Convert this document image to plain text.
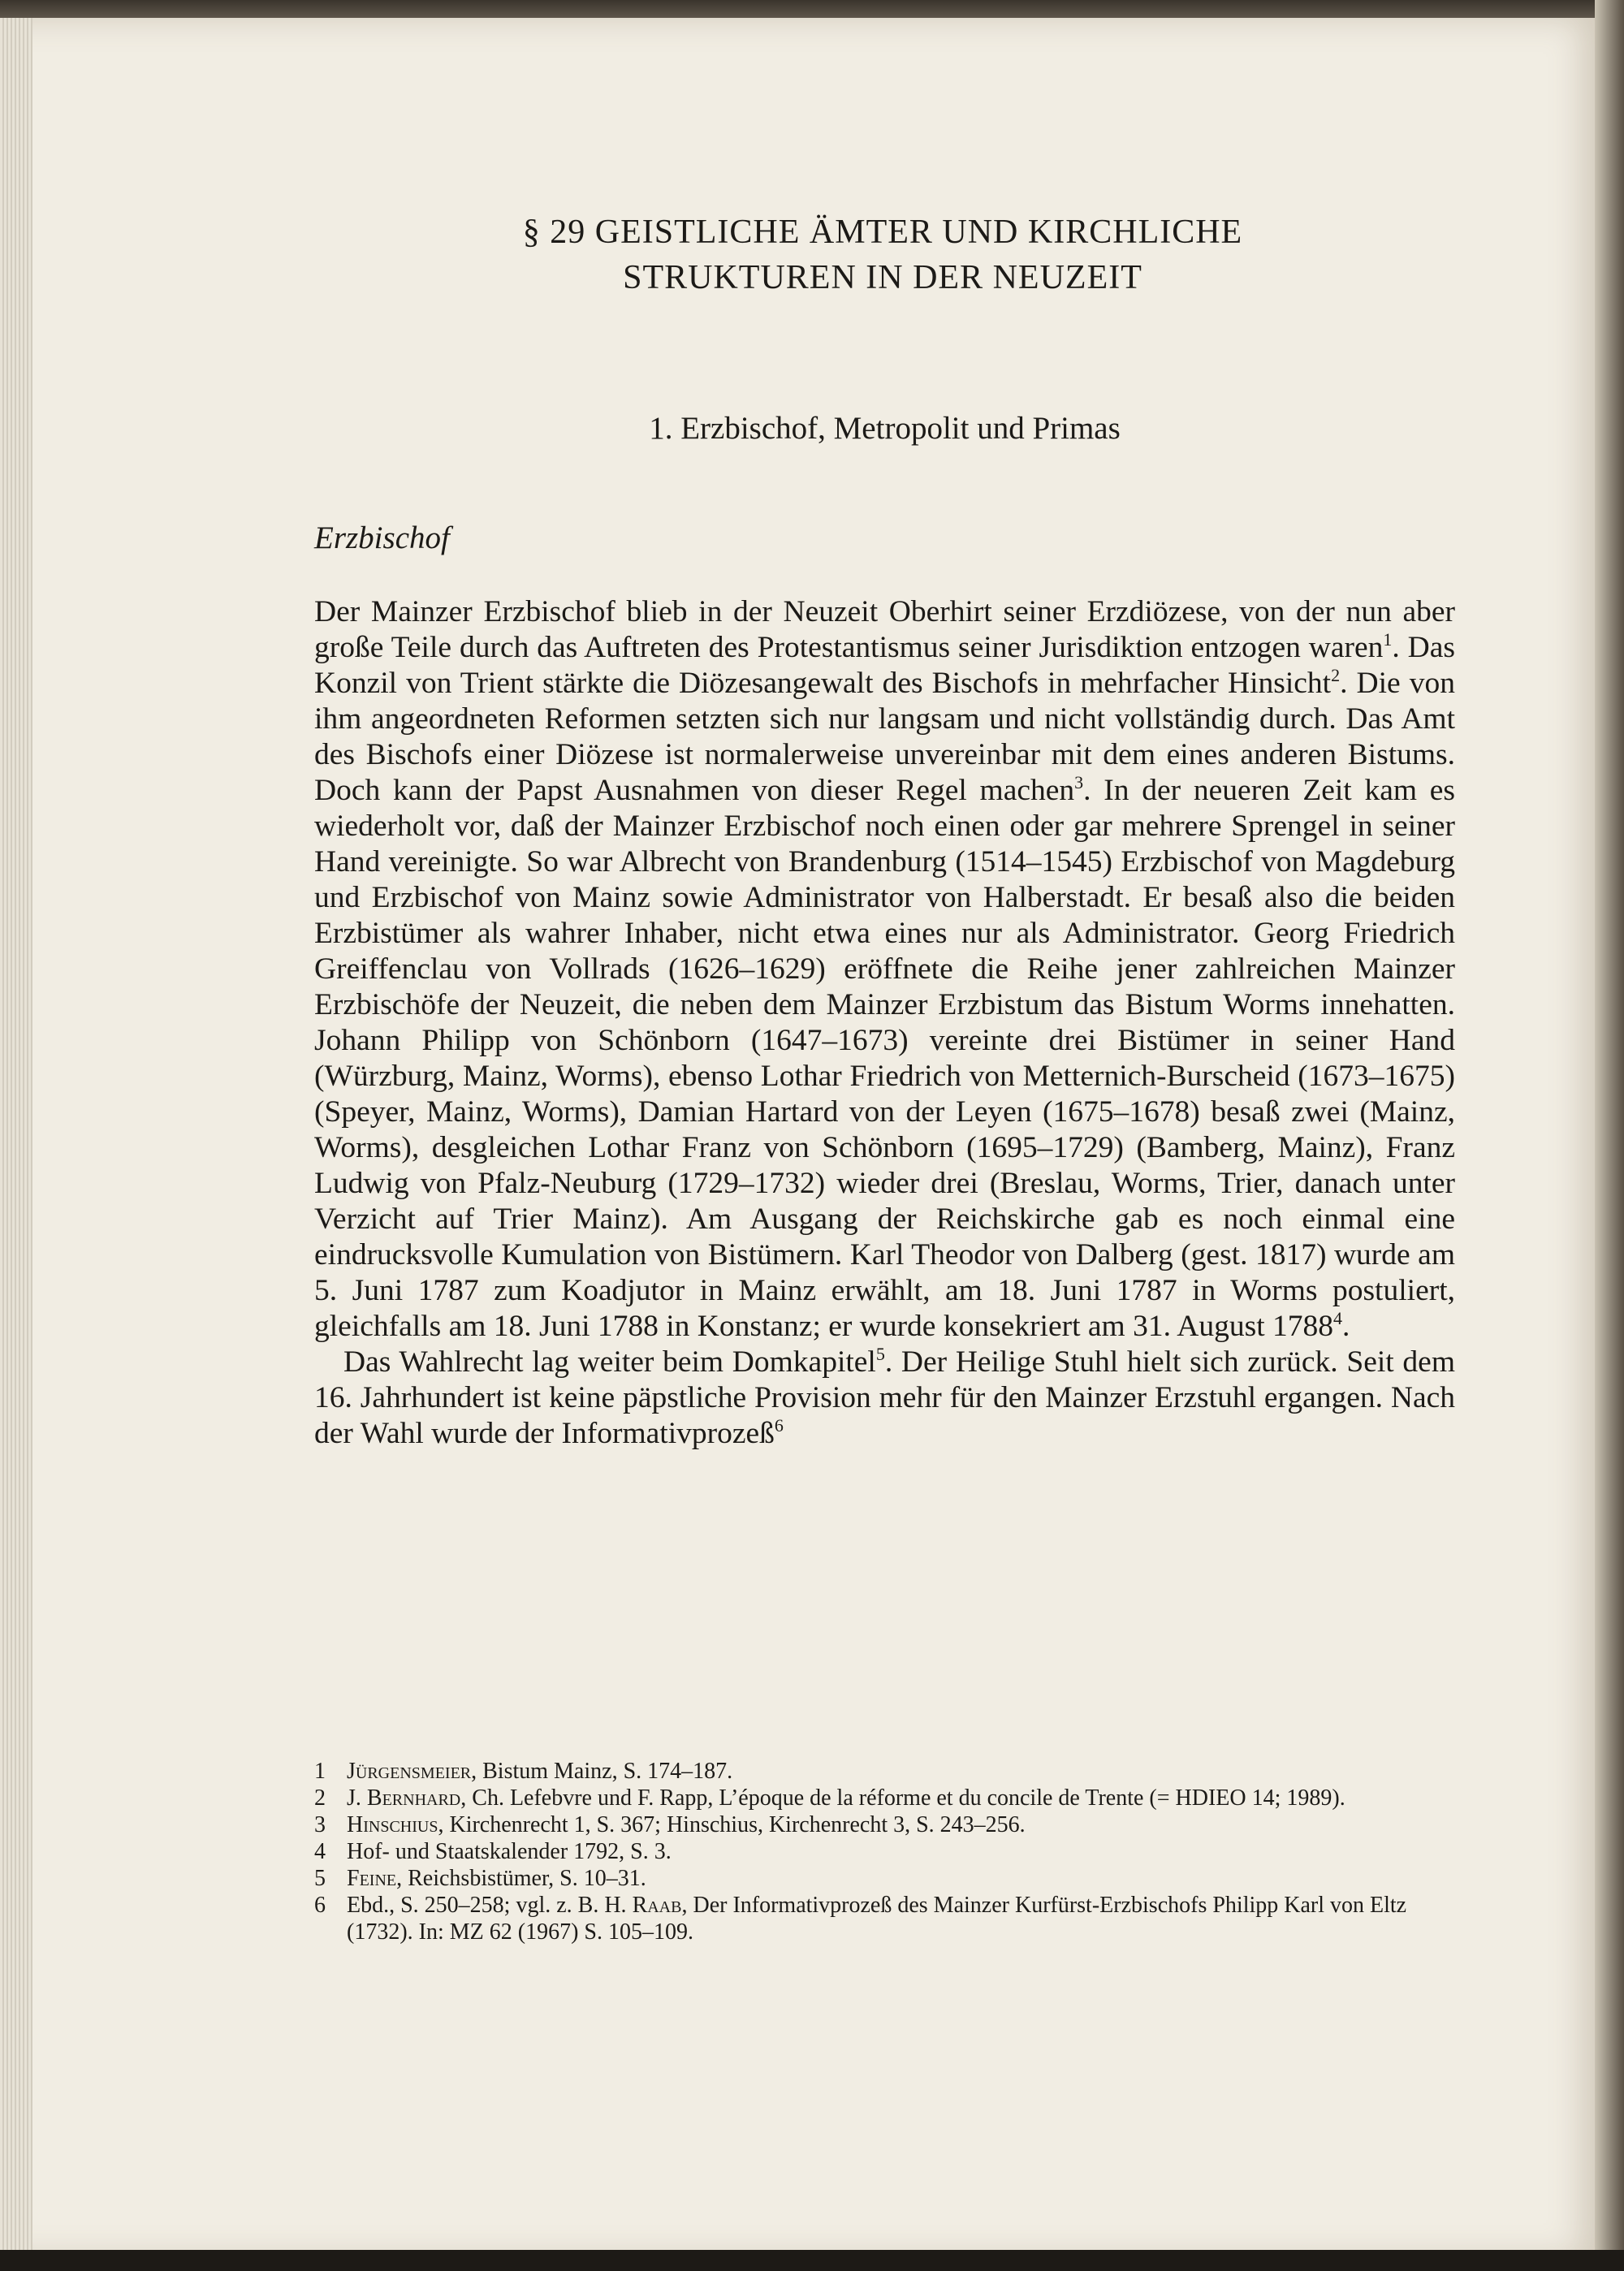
§ 29 GEISTLICHE ÄMTER UND KIRCHLICHE
STRUKTUREN IN DER NEUZEIT
1. Erzbischof, Metropolit und Primas
Erzbischof

Der Mainzer Erzbischof blieb in der Neuzeit Oberhirt seiner Erzdiözese, von der nun aber große Teile durch das Auftreten des Protestantismus seiner Jurisdiktion entzogen waren$^1$. Das Konzil von Trient stärkte die Diözesangewalt des Bischofs in mehrfacher Hinsicht$^2$. Die von ihm angeordneten Reformen setzten sich nur langsam und nicht vollständig durch. Das Amt des Bischofs einer Diözese ist normalerweise unvereinbar mit dem eines anderen Bistums. Doch kann der Papst Ausnahmen von dieser Regel machen$^3$. In der neueren Zeit kam es wiederholt vor, daß der Mainzer Erzbischof noch einen oder gar mehrere Sprengel in seiner Hand vereinigte. So war Albrecht von Brandenburg (1514–1545) Erzbischof von Magdeburg und Erzbischof von Mainz sowie Administrator von Halberstadt. Er besaß also die beiden Erzbistümer als wahrer Inhaber, nicht etwa eines nur als Administrator. Georg Friedrich Greiffenclau von Vollrads (1626–1629) eröffnete die Reihe jener zahlreichen Mainzer Erzbischöfe der Neuzeit, die neben dem Mainzer Erzbistum das Bistum Worms innehatten. Johann Philipp von Schönborn (1647–1673) vereinte drei Bistümer in seiner Hand (Würzburg, Mainz, Worms), ebenso Lothar Friedrich von Metternich-Burscheid (1673–1675) (Speyer, Mainz, Worms), Damian Hartard von der Leyen (1675–1678) besaß zwei (Mainz, Worms), desgleichen Lothar Franz von Schönborn (1695–1729) (Bamberg, Mainz), Franz Ludwig von Pfalz-Neuburg (1729–1732) wieder drei (Breslau, Worms, Trier, danach unter Verzicht auf Trier Mainz). Am Ausgang der Reichskirche gab es noch einmal eine eindrucksvolle Kumulation von Bistümern. Karl Theodor von Dalberg (gest. 1817) wurde am 5. Juni 1787 zum Koadjutor in Mainz erwählt, am 18. Juni 1787 in Worms postuliert, gleichfalls am 18. Juni 1788 in Konstanz; er wurde konsekriert am 31. August 1788$^4$.

Das Wahlrecht lag weiter beim Domkapitel$^5$. Der Heilige Stuhl hielt sich zurück. Seit dem 16. Jahrhundert ist keine päpstliche Provision mehr für den Mainzer Erzstuhl ergangen. Nach der Wahl wurde der Informativprozeß$^6$

1 Jürgensmeier, Bistum Mainz, S. 174–187.
2 J. Bernhard, Ch. Lefebvre und F. Rapp, L’époque de la réforme et du concile de Trente (= HDIEO 14; 1989).
3 Hinschius, Kirchenrecht 1, S. 367; Hinschius, Kirchenrecht 3, S. 243–256.
4 Hof- und Staatskalender 1792, S. 3.
5 Feine, Reichsbistümer, S. 10–31.
6 Ebd., S. 250–258; vgl. z. B. H. Raab, Der Informativprozeß des Mainzer Kurfürst-Erzbischofs Philipp Karl von Eltz (1732). In: MZ 62 (1967) S. 105–109.
